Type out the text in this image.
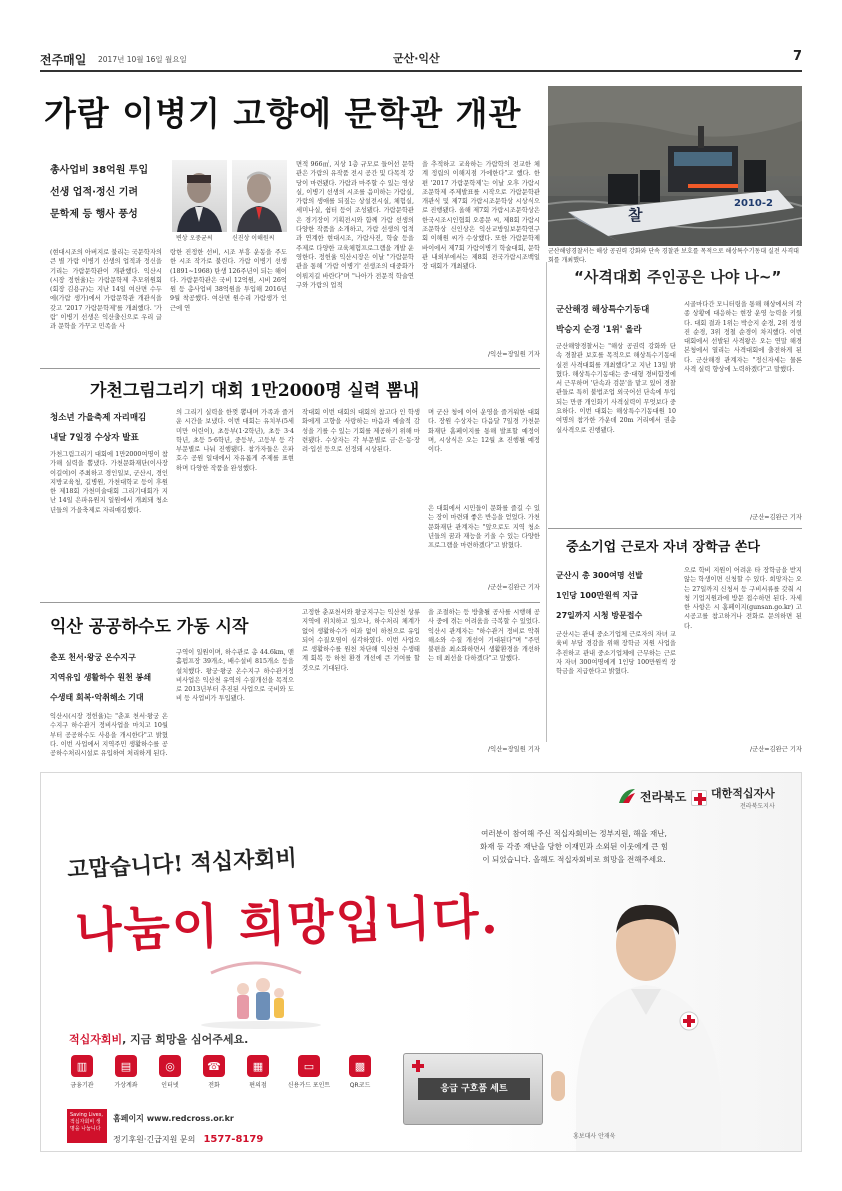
전주매일 2017년 10월 16일 월요일	군산·익산	7
가람 이병기 고향에 문학관 개관
총사업비 38억원 투입
선생 업적·정신 기려
문학제 등 행사 풍성
변상 오중균씨	신진상 이해원씨
(현대시조의 아버지로 불리는 국문학자의 큰 별 가람 이병기 선생의 업적과 정신을 기리는 가람문학관이 개관했다. 익산시(시장 정헌율)는 가람문학제 추모위원회(회장 김용규)는 지난 14일 여산면 수두에(가람 생가)에서 가람문학관 개관식을 갖고 '2017 가람문학제'를 개최했다. '가람' 이병기 선생은 익산출신으로 우리 글과 문학을 가꾸고 민족을 사
랑한 진정한 선비, 시조 부흥 운동을 주도한 시조 작가로 불린다. 가람 이병기 선생(1891~1968) 탄생 126주년이 되는 해이다. 가람문학관은 국비 12억원, 시비 26억원 등 총사업비 38억원을 투입해 2016년 9월 착공했다. 여산면 원수리 가람생가 인근에 연
면적 966㎡, 지상 1층 규모로 들어선 문학관은 가람의 유작품 전시 공간 및 다목적 강당이 마련됐다. 가람과 마주할 수 있는 영상실, 이병기 선생의 시조를 음미하는 가람실, 가람의 생애를 되짚는 상설전시실, 체험실, 세미나실, 쉼터 등이 조성됐다. 가람문학관은 경기장이 기획전시와 함께 가람 선생의 다양한 작품을 소개하고, 가람 선생의 업적과 연계한 현대시조, 가람사진, 학술 등을 주제로 다양한 교육체험프로그램을 개발 운영한다. 정헌율 익산시장은 이날 "가람문학관을 통해 '가람 이병기' 선생조의 대중화가 이뤄지길 바란다"며 "나아가 전문적 학술연구와 가람의 업적
을 추적하고 교육하는 가람학의 전교한 체계 정립의 이해지점 가에한다"고 했다. 한편 '2017 가람문학제'는 이날 오후 가람시조문학제 주제발표를 시작으로 가람문학관 개관식 및 제7회 가람시조문학상 시상식으로 진행됐다. 올해 제7회 가람시조문학상은 한국시조시인협회 오종문 씨, 제8회 가람시조문학상 신인상은 익산교방일보문학연구회 이해원 씨가 수상했다. 또한 가람문학제 바이에서 제7회 가람이병기 학술대회, 문학관 내외부에서는 제8회 전국가람시조백일장 대회가 개최됐다.
/익산=장일원 기자
2010-2
찰
군산해양경찰서는 해상 공권력 강화와 단속 경찰관 보호를 목적으로 해상특수기동대 실전 사격대회를 개최했다.
“사격대회 주인공은 나야 나~”
군산해경 해상특수기동대
박승지 순경 '1위' 올라
군산해양경찰서는 "해상 공권력 강화와 단속 경찰관 보호를 목적으로 해상특수기동대 실전 사격대회를 개최했다"고 지난 13일 밝혔다. 해상특수기동대는 중·대형 경비함정에서 근무하며 '단속과 검문'을 맡고 있어 경찰관들로 특히 불법조업 외국어선 단속에 투입되는 만큼 개인화기 사격실력이 무엇보다 중요하다. 이번 대회는 해상특수기동대원 10여명의 참가한 가운데 20m 거리에서 권총 실사격으로 진행됐다.
시골마다간 모니터링을 통해 해상에서의 각종 상황에 대응하는 현장 운영 능력을 키웠다. 대회 결과 1위는 박승지 순경, 2위 정성진 순경, 3위 정철 순경이 차지했다. 이번 대회에서 선발된 사격왕은 오는 연말 해경 본청에서 열리는 사격대회에 출전하게 된다. 군산해경 관계자는 "정신자세는 물론 사격 실력 향상에 노력하겠다"고 말했다.
/군산=김완근 기자
가천그림그리기 대회 1만2000명 실력 뽐내
청소년 가을축제 자리매김
내달 7일경 수상자 발표
가천그림그리기 대회에 1만2000여명이 참가해 실력을 뽐냈다. 가천문화재단(이사장 이길여)이 주최하고 경인일보, 군산시, 경인지방교육청, 길병원, 가천대학교 등이 후원한 제18회 가천미술대회 그리기대회가 지난 14일 은파유원지 일원에서 개최돼 청소년들의 가을축제로 자리매김했다.
의 그리기 실력을 한껏 뽐내며 가족과 즐거운 시간을 보냈다. 이번 대회는 유치부(5세 미만 어린이), 초등부(1·2학년), 초등 3·4학년, 초등 5·6학년, 중등부, 고등부 등 각 부문별로 나눠 진행됐다. 참가자들은 은파호수 공원 일대에서 자유롭게 주제를 표현하며 다양한 작품을 완성했다.
작대회 이번 대회의 대회의 참고다 인 학생화에게 고향을 사랑하는 마음과 예술적 감성을 기를 수 있는 기회를 제공하기 위해 마련됐다. 수상자는 각 부문별로 금·은·동·장려·입선 등으로 선정돼 시상된다.
며 군산 청에 이어 운영을 즐거워한 대회다. 장원 수상자는 다음달 7일경 가천문화재단 홈페이지를 통해 발표할 예정이며, 시상식은 오는 12월 초 진행될 예정이다.
은 대회에서 시민들이 문화를 즐길 수 있는 장이 마련돼 좋은 반응을 얻었다. 가천문화재단 관계자는 "앞으로도 지역 청소년들의 꿈과 재능을 키울 수 있는 다양한 프로그램을 마련하겠다"고 밝혔다.
/군산=김완근 기자
익산 공공하수도 가동 시작
춘포 천서·왕궁 온수지구
지역유입 생활하수 원천 봉쇄
수생태 회복·악취해소 기대
익산시(시장 정헌율)는 "춘포 천서·왕궁 온수지구 하수관거 정비사업을 마치고 10월부터 공공하수도 사용을 개시한다"고 밝혔다. 이번 사업에서 지역주민 생활하수를 공공하수처리시설로 유입하여 처리하게 된다.
구역이 일원이며, 하수관로 총 44.6km, 맨홀펌프장 39개소, 배수설비 815개소 등을 설치했다. 왕궁·왕궁 온수지구 하수관거정비사업은 익산천 유역의 수질개선을 목적으로 2013년부터 추진된 사업으로 국비와 도비 등 사업비가 투입됐다.
고정한 춘포천서와 왕궁지구는 익산천 상류지역에 위치하고 있으나, 하수처리 체계가 없어 생활하수가 여과 없이 하천으로 유입되어 수질오염이 심각하였다. 이번 사업으로 생활하수를 원천 차단해 익산천 수생태계 회복 등 하천 환경 개선에 큰 기여를 할 것으로 기대된다.
을 조절하는 등 방출될 공사를 시행해 공사 중에 겪는 어려움을 극복할 수 있었다. 익산시 관계자는 "하수관거 정비로 악취 해소와 수질 개선이 기대된다"며 "주민 불편을 최소화하면서 생활환경을 개선하는 데 최선을 다하겠다"고 말했다.
/익산=장일원 기자
중소기업 근로자 자녀 장학금 쏜다
군산시 총 300여명 선발
1인당 100만원씩 지급
27일까지 시청 방문접수
군산시는 관내 중소기업체 근로자의 자녀 교육비 부담 경감을 위해 장학금 지원 사업을 추진하고 관내 중소기업체에 근무하는 근로자 자녀 300여명에게 1인당 100만원씩 장학금을 지급한다고 밝혔다.
으로 학비 지원이 어려운 타 장학금을 받지 않는 학생이면 신청할 수 있다. 희망자는 오는 27일까지 신청서 등 구비서류를 갖춰 시청 기업지원과에 방문 접수하면 된다. 자세한 사항은 시 홈페이지(gunsan.go.kr) 고시공고를 참고하거나 전화로 문의하면 된다.
/군산=김완근 기자
전라북도 대한적십자사
전라북도지사
고맙습니다! 적십자회비
나눔이 희망입니다.
여러분이 참여해 주신 적십자회비는 정부지원, 해을 재난, 화재 등 각종 재난을 당한 이재민과 소외된 이웃에게 큰 힘이 되었습니다. 올해도 적십자회비로 희망을 전해주세요.
응급 구호품 세트
적십자회비, 지금 희망을 심어주세요.
▥
금융기관
▤
가상계좌
◎
인터넷
☎
전화
▦
편의점
▭
신용카드 포인트
▩
QR코드
Saving Lives, 적십자회비 생명을 나눕니다
홈페이지 www.redcross.or.kr
정기후원·긴급지원 문의 1577-8179	홍보대사 안재욱
